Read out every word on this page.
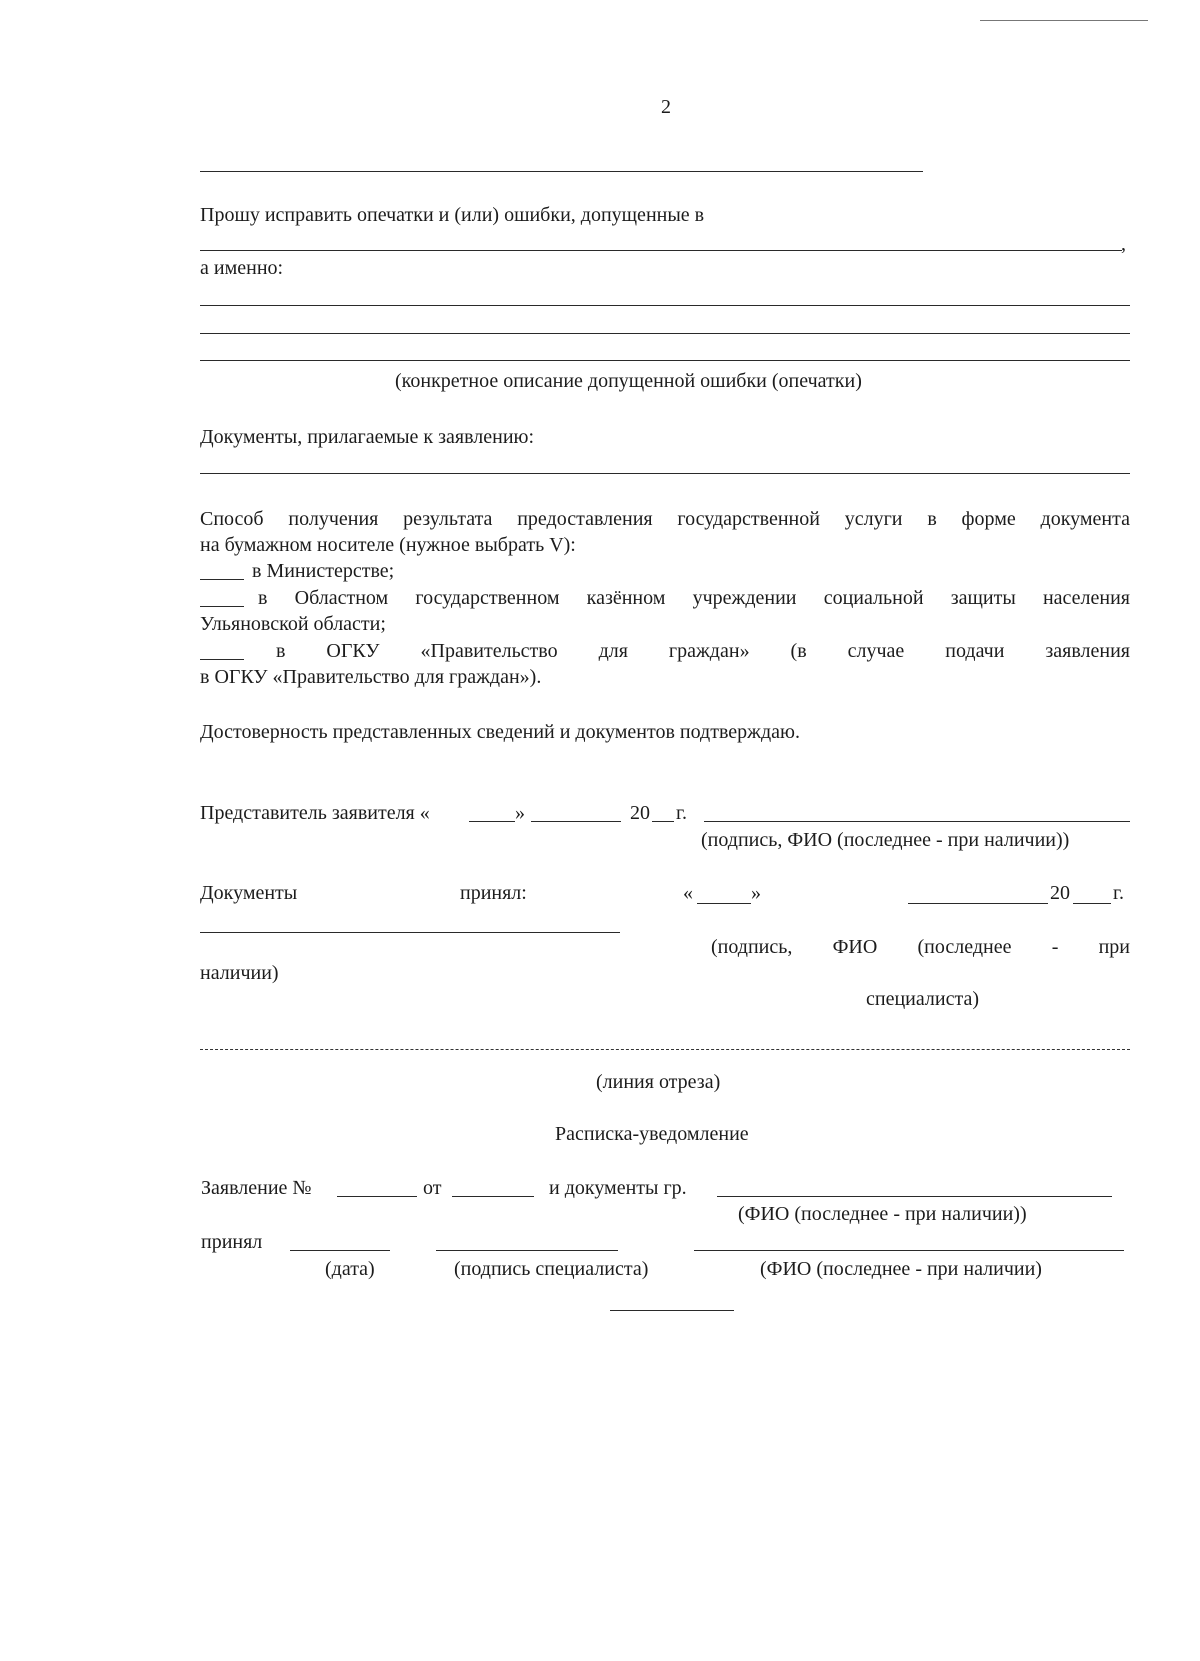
2
Прошу исправить опечатки и (или) ошибки, допущенные в
,
а именно:
(конкретное описание допущенной ошибки (опечатки)
Документы, прилагаемые к заявлению:
Способ получения результата предоставления государственной услуги в форме документа
на бумажном носителе (нужное выбрать V):
в Министерстве;
в Областном государственном казённом учреждении социальной защиты населения
Ульяновской области;
в ОГКУ «Правительство для граждан» (в случае подачи заявления
в ОГКУ «Правительство для граждан»).
Достоверность представленных сведений и документов подтверждаю.
Представитель заявителя «	»	20 г.
(подпись, ФИО (последнее - при наличии))
Документы	принял:	«	»	20 г.
(подпись, ФИО (последнее - при
наличии)
специалиста)
(линия отреза)
Расписка-уведомление
Заявление №	от	и документы гр.
(ФИО (последнее - при наличии))
принял
(дата)	(подпись специалиста)	(ФИО (последнее - при наличии)
